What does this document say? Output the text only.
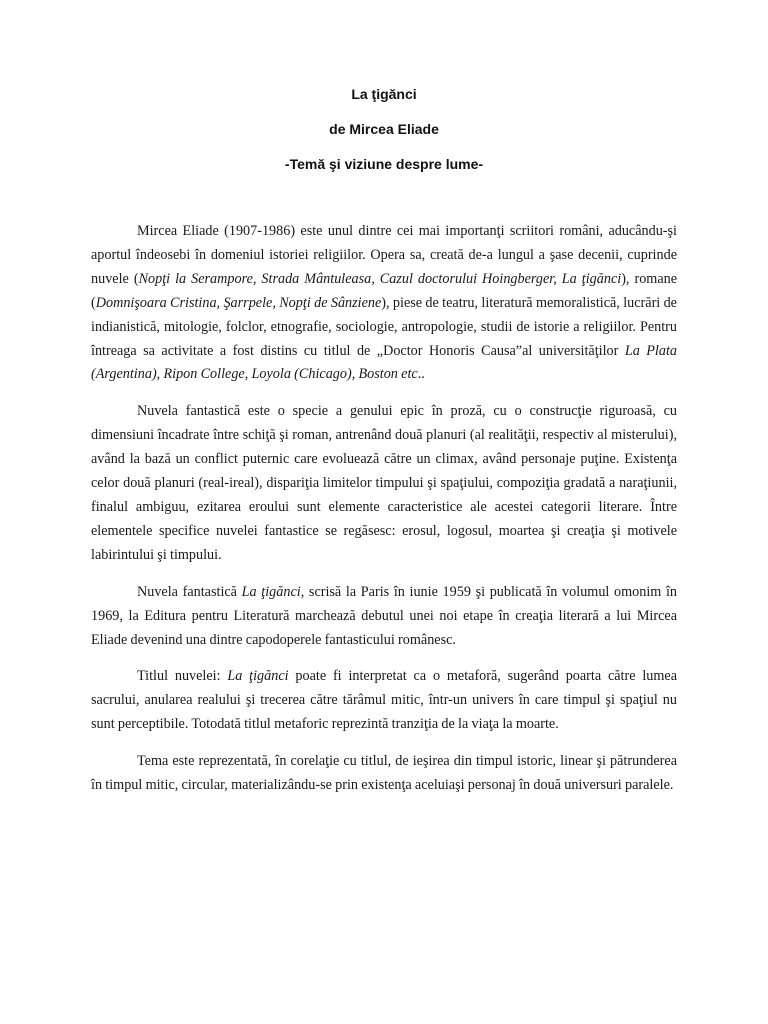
La ţigănci
de Mircea Eliade
-Temă şi viziune despre lume-

Mircea Eliade (1907-1986) este unul dintre cei mai importanţi scriitori români, aducându-şi aportul îndeosebi în domeniul istoriei religiilor. Opera sa, creată de-a lungul a şase decenii, cuprinde nuvele (Nopţi la Serampore, Strada Mântuleasa, Cazul doctorului Hoingberger, La ţigănci), romane (Domnişoara Cristina, Şarrpele, Nopţi de Sânziene), piese de teatru, literatură memoralistică, lucrări de indianistică, mitologie, folclor, etnografie, sociologie, antropologie, studii de istorie a religiilor. Pentru întreaga sa activitate a fost distins cu titlul de „Doctor Honoris Causa”al universităţilor La Plata (Argentina), Ripon College, Loyola (Chicago), Boston etc..

Nuvela fantastică este o specie a genului epic în proză, cu o construcţie riguroasă, cu dimensiuni încadrate între schiţă şi roman, antrenând două planuri (al realităţii, respectiv al misterului), având la bază un conflict puternic care evoluează către un climax, având personaje puţine. Existenţa celor două planuri (real-ireal), dispariţia limitelor timpului şi spaţiului, compoziţia gradată a naraţiunii, finalul ambiguu, ezitarea eroului sunt elemente caracteristice ale acestei categorii literare. Între elementele specifice nuvelei fantastice se regăsesc: erosul, logosul, moartea şi creaţia şi motivele labirintului şi timpului.

Nuvela fantastică La ţigănci, scrisă la Paris în iunie 1959 şi publicată în volumul omonim în 1969, la Editura pentru Literatură marchează debutul unei noi etape în creaţia literară a lui Mircea Eliade devenind una dintre capodoperele fantasticului românesc.

Titlul nuvelei: La ţigănci poate fi interpretat ca o metaforă, sugerând poarta către lumea sacrului, anularea realului şi trecerea către tărâmul mitic, într-un univers în care timpul şi spaţiul nu sunt perceptibile. Totodată titlul metaforic reprezintă tranziţia de la viaţa la moarte.

Tema este reprezentată, în corelaţie cu titlul, de ieşirea din timpul istoric, linear şi pătrunderea în timpul mitic, circular, materializându-se prin existenţa aceluiaşi personaj în două universuri paralele.
